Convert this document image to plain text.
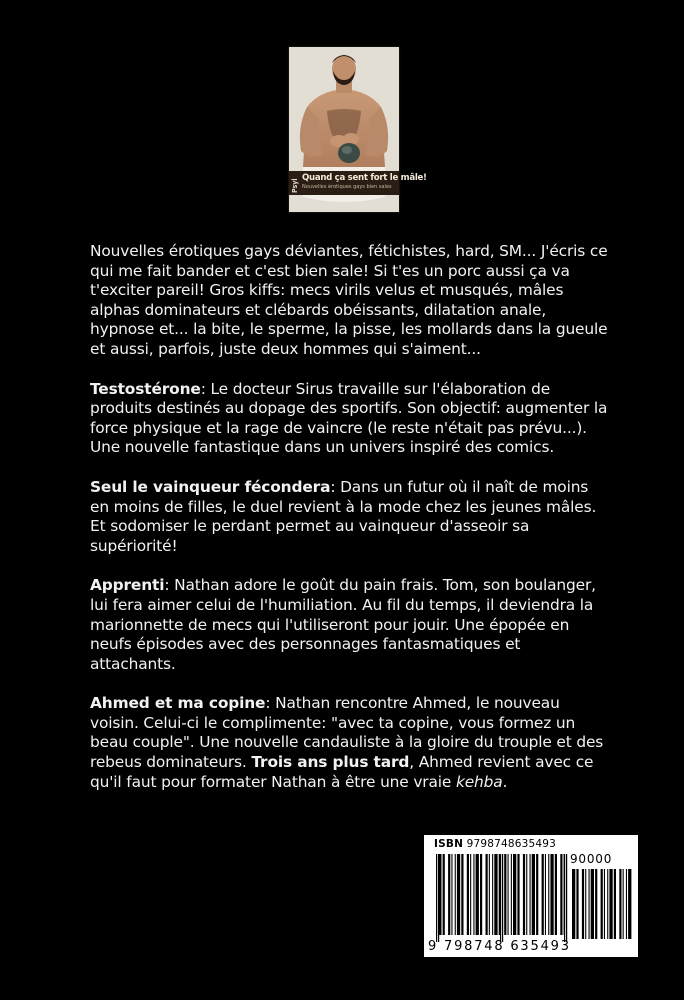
Psyl
Quand ça sent fort le mâle!
Nouvelles érotiques gays bien sales

Nouvelles érotiques gays déviantes, fétichistes, hard, SM... J'écris ce qui me fait bander et c'est bien sale! Si t'es un porc aussi ça va t'exciter pareil! Gros kiffs: mecs virils velus et musqués, mâles alphas dominateurs et clébards obéissants, dilatation anale, hypnose et... la bite, le sperme, la pisse, les mollards dans la gueule et aussi, parfois, juste deux hommes qui s'aiment...

Testostérone: Le docteur Sirus travaille sur l'élaboration de produits destinés au dopage des sportifs. Son objectif: augmenter la force physique et la rage de vaincre (le reste n'était pas prévu...). Une nouvelle fantastique dans un univers inspiré des comics.

Seul le vainqueur fécondera: Dans un futur où il naît de moins en moins de filles, le duel revient à la mode chez les jeunes mâles. Et sodomiser le perdant permet au vainqueur d'asseoir sa supériorité!

Apprenti: Nathan adore le goût du pain frais. Tom, son boulanger, lui fera aimer celui de l'humiliation. Au fil du temps, il deviendra la marionnette de mecs qui l'utiliseront pour jouir. Une épopée en neufs épisodes avec des personnages fantasmatiques et attachants.

Ahmed et ma copine: Nathan rencontre Ahmed, le nouveau voisin. Celui-ci le complimente: "avec ta copine, vous formez un beau couple". Une nouvelle candauliste à la gloire du trouple et des rebeus dominateurs. Trois ans plus tard, Ahmed revient avec ce qu'il faut pour formater Nathan à être une vraie kehba.

ISBN 9798748635493
90000
9 798748 635493
